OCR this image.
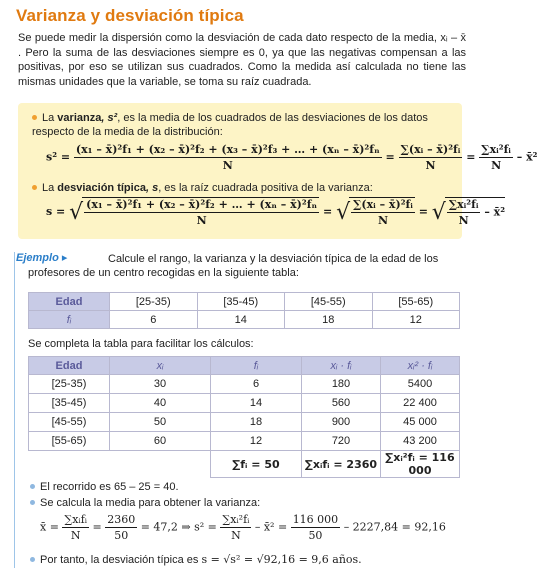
Varianza y desviación típica
Se puede medir la dispersión como la desviación de cada dato respecto de la media, xᵢ – x̄ . Pero la suma de las desviaciones siempre es 0, ya que las negativas compensan a las positivas, por eso se utilizan sus cuadrados. Como la medida así calculada no tiene las mismas unidades que la variable, se toma su raíz cuadrada.
La varianza, s², es la media de los cuadrados de las desviaciones de los datos
respecto de la media de la distribución:
s² =
(x₁ – x̄)²f₁ + (x₂ – x̄)²f₂ + (x₃ – x̄)²f₃ + … + (xₙ – x̄)²fₙ
N
= $\frac{\text{∑(xᵢ – x̄)²fᵢ}}{N} = \frac{\text{∑xᵢ²fᵢ}}{N}$ – x̄²
La desviación típica, s, es la raíz cuadrada positiva de la varianza:
s = √ $\frac{\text{(x₁ – x̄)²f₁ + (x₂ – x̄)²f₂ + … + (xₙ – x̄)²fₙ}}{N}$ = √ $\frac{\text{∑(xᵢ – x̄)²fᵢ}}{N}$ = √ $\frac{\text{∑xᵢ²fᵢ}}{N}$ – x̄²
Ejemplo ▸	Calcule el rango, la varianza y la desviación típica de la edad de los profesores de un centro recogidas en la siguiente tabla:
Edad	[25-35)	[35-45)	[45-55)	[55-65)
fᵢ	6	14	18	12
Se completa la tabla para facilitar los cálculos:
Edad	xᵢ	fᵢ	xᵢ · fᵢ	xᵢ² · fᵢ
[25-35)	30	6	180	5400
[35-45)	40	14	560	22 400
[45-55)	50	18	900	45 000
[55-65)	60	12	720	43 200
		∑fᵢ = 50	∑xᵢfᵢ = 2360	∑xᵢ²fᵢ = 116 000
El recorrido es 65 – 25 = 40.
Se calcula la media para obtener la varianza:
x̄ = $\frac{\text{∑xᵢfᵢ}}{N} = \frac{2360}{50} = 47,2$ ⇒ $s^2 = \frac{\text{∑xᵢ²fᵢ}}{N}$ – x̄² = $\frac{116 000}{50} - 2227,84 = 92,16$
Por tanto, la desviación típica es s = √s² = √92,16 = 9,6 años.
